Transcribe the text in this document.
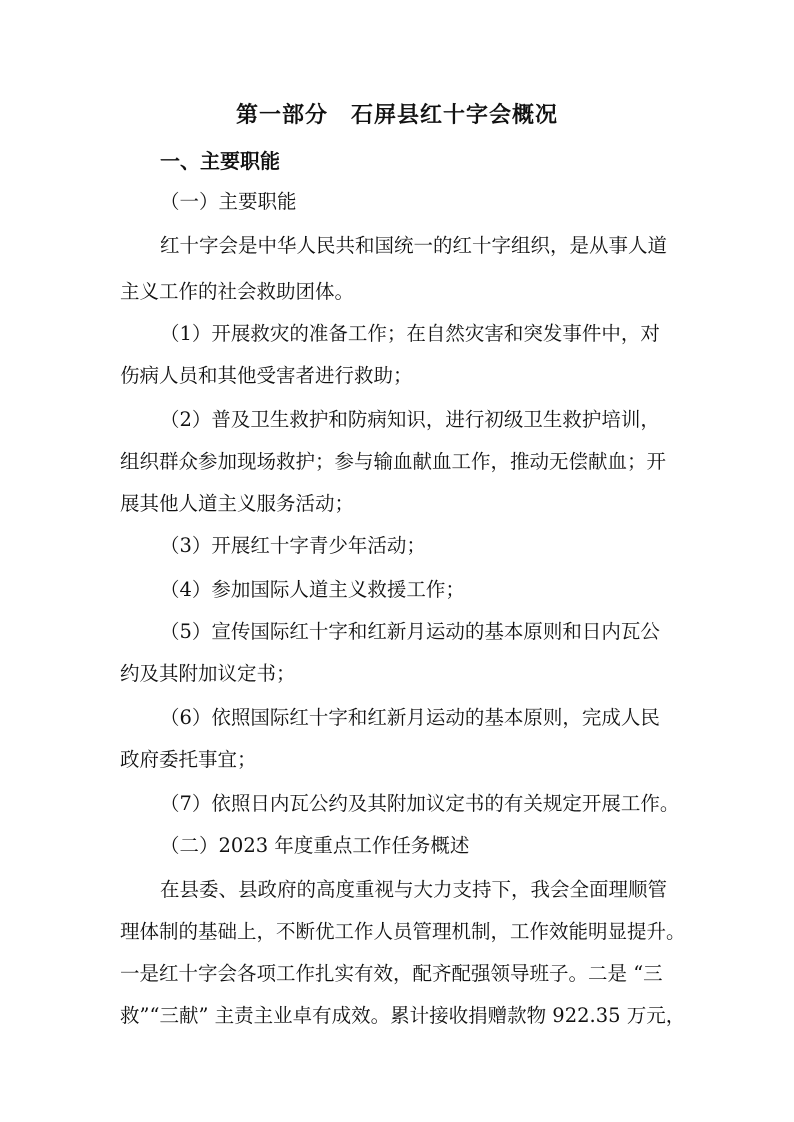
第一部分　石屏县红十字会概况
一、主要职能
（一）主要职能
红十字会是中华人民共和国统一的红十字组织，是从事人道
主义工作的社会救助团体。
（1）开展救灾的准备工作；在自然灾害和突发事件中，对
伤病人员和其他受害者进行救助；
（2）普及卫生救护和防病知识，进行初级卫生救护培训，
组织群众参加现场救护；参与输血献血工作，推动无偿献血；开
展其他人道主义服务活动；
（3）开展红十字青少年活动；
（4）参加国际人道主义救援工作；
（5）宣传国际红十字和红新月运动的基本原则和日内瓦公
约及其附加议定书；
（6）依照国际红十字和红新月运动的基本原则，完成人民
政府委托事宜；
（7）依照日内瓦公约及其附加议定书的有关规定开展工作。
（二）2023 年度重点工作任务概述
在县委、县政府的高度重视与大力支持下，我会全面理顺管
理体制的基础上，不断优工作人员管理机制，工作效能明显提升。
一是红十字会各项工作扎实有效，配齐配强领导班子。二是 “三
救”“三献” 主责主业卓有成效。累计接收捐赠款物 922.35 万元，
